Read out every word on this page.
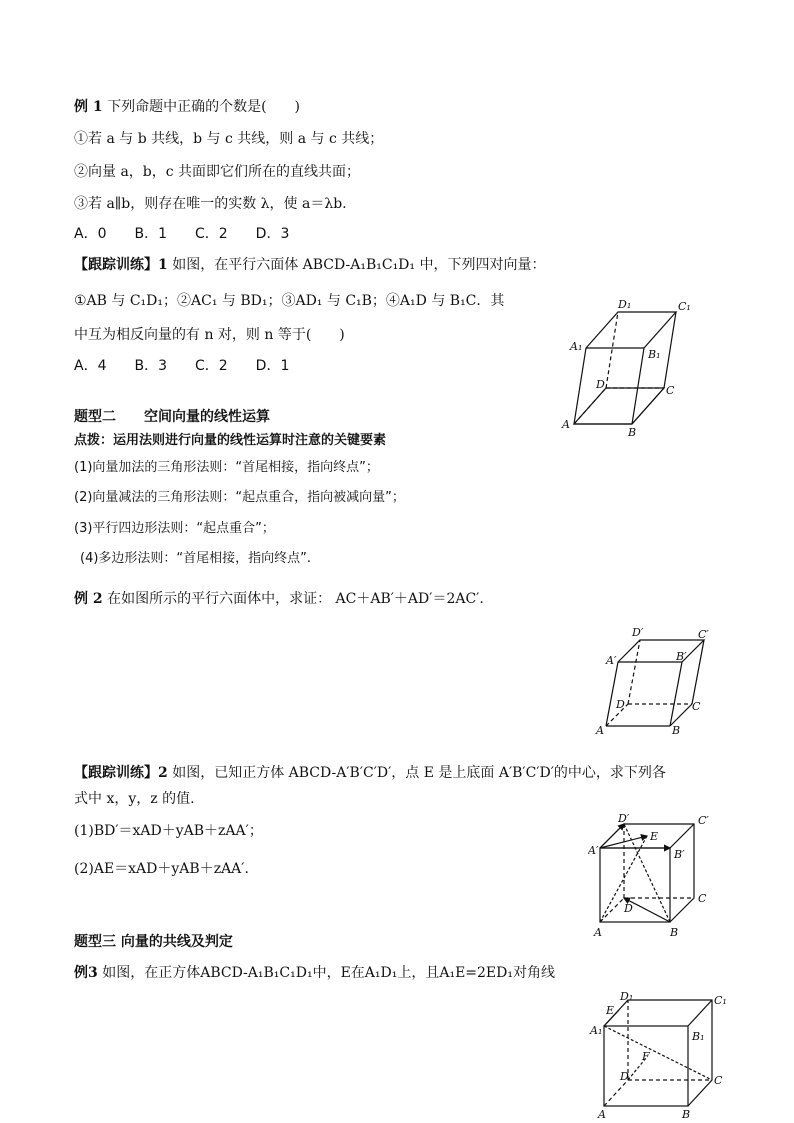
例 1 下列命题中正确的个数是(　　)
①若 a 与 b 共线，b 与 c 共线，则 a 与 c 共线；
②向量 a，b，c 共面即它们所在的直线共面；
③若 a∥b，则存在唯一的实数 λ，使 a＝λb.
A．0　　B．1　　C．2　　D．3
【跟踪训练】1 如图，在平行六面体 ABCD-A₁B₁C₁D₁ 中，下列四对向量：
①AB 与 C₁D₁；②AC₁ 与 BD₁；③AD₁ 与 C₁B；④A₁D 与 B₁C．其
中互为相反向量的有 n 对，则 n 等于(　　)
A．4　　B．3　　C．2　　D．1
题型二　　空间向量的线性运算
点拨：运用法则进行向量的线性运算时注意的关键要素
(1)向量加法的三角形法则：“首尾相接，指向终点”；
(2)向量减法的三角形法则：“起点重合，指向被减向量”；
(3)平行四边形法则：“起点重合”；
(4)多边形法则：“首尾相接，指向终点”.
例 2 在如图所示的平行六面体中，求证： AC＋AB′＋AD′＝2AC′.
【跟踪训练】2 如图，已知正方体 ABCD-A′B′C′D′，点 E 是上底面 A′B′C′D′的中心，求下列各
式中 x，y，z 的值.
(1)BD′＝xAD＋yAB＋zAA′；
(2)AE＝xAD＋yAB＋zAA′.
题型三 向量的共线及判定
例3 如图，在正方体ABCD-A₁B₁C₁D₁中，E在A₁D₁上，且A₁E=2ED₁对角线
D₁	C₁
A₁
B₁
D	C
A
B
D′	C′
A′	B′
D	C
A	B
D′	C′
A′	B′
E
D
C
A	B
D₁	C₁
E
A₁	B₁
F
D	C
A	B
